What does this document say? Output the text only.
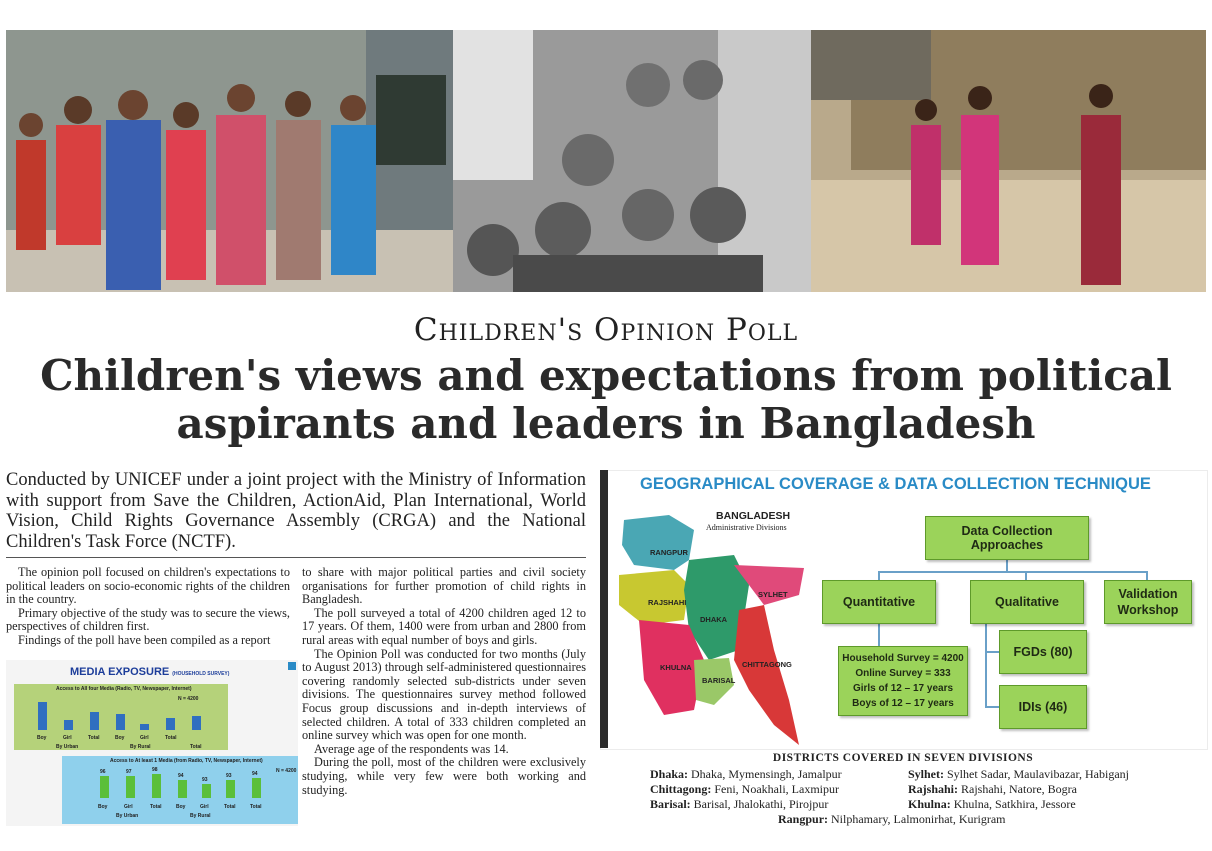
Children's Opinion Poll
Children's views and expectations from political aspirants and leaders in Bangladesh
Conducted by UNICEF under a joint project with the Ministry of Information with support from Save the Children, ActionAid, Plan International, World Vision, Child Rights Governance Assembly (CRGA) and the National Children's Task Force (NCTF).

The opinion poll focused on children's expectations to political leaders on socio-economic rights of the children in the country.

Primary objective of the study was to secure the views, perspectives of children first.

Findings of the poll have been compiled as a report

to share with major political parties and civil society organisations for further promotion of child rights in Bangladesh.

The poll surveyed a total of 4200 children aged 12 to 17 years. Of them, 1400 were from urban and 2800 from rural areas with equal number of boys and girls.

The Opinion Poll was conducted for two months (July to August 2013) through self-administered questionnaires covering randomly selected sub-districts under seven divisions. The questionnaires survey method followed Focus group discussions and in-depth interviews of selected children. A total of 333 children completed an online survey which was open for one month.

Average age of the respondents was 14.

During the poll, most of the children were exclusively studying, while very few were both working and studying.

MEDIA EXPOSURE (HOUSEHOLD SURVEY)
Access to All four Media (Radio, TV, Newspaper, Internet)
N = 4200
Boy	Girl	Total	Boy	Girl	Total
Total
By Urban	By Rural
Access to At least 1 Media (from Radio, TV, Newspaper, Internet)
N = 4200
96	97	98
94
93
93	94
Boy	Girl	Total	Boy	Girl	Total	Total
By Urban	By Rural
GEOGRAPHICAL COVERAGE & DATA COLLECTION TECHNIQUE
BANGLADESH
Administrative Divisions
RANGPUR
RAJSHAHI
DHAKA
SYLHET
KHULNA
BARISAL
CHITTAGONG
Data Collection Approaches
Quantitative	Qualitative
Validation Workshop
Household Survey = 4200
Online Survey = 333
Girls of 12 – 17 years
Boys of 12 – 17 years
FGDs (80)
IDIs (46)
DISTRICTS COVERED IN SEVEN DIVISIONS
Dhaka: Dhaka, Mymensingh, Jamalpur
Chittagong: Feni, Noakhali, Laxmipur
Barisal: Barisal, Jhalokathi, Pirojpur
Sylhet: Sylhet Sadar, Maulavibazar, Habiganj
Rajshahi: Rajshahi, Natore, Bogra
Khulna: Khulna, Satkhira, Jessore
Rangpur: Nilphamary, Lalmonirhat, Kurigram
